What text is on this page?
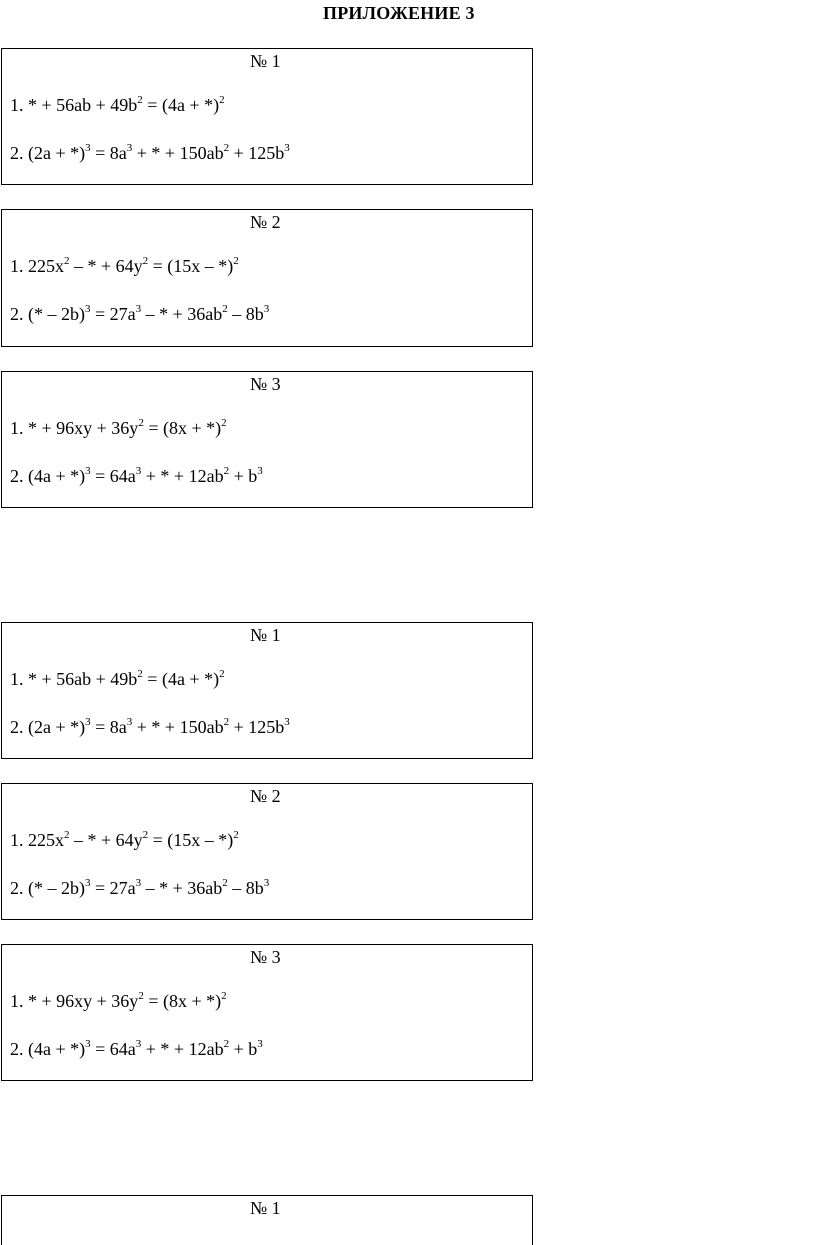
ПРИЛОЖЕНИЕ 3
№ 1
1. * + $56ab + 49b^2 = (4a + *)^2$
2. $(2a + *)^3 = 8a^3$ + * + $150ab^2 + 125b^3$
№ 2
1. $225x^2$ – * + $64y^2 = (15x - *)^2$
2. (* – $2b)^3 = 27a^3$ – * + $36ab^2 - 8b^3$
№ 3
1. * + $96xy + 36y^2 = (8x + *)^2$
2. $(4a + *)^3 = 64a^3$ + * + $12ab^2 + b^3$
№ 1
1. * + $56ab + 49b^2 = (4a + *)^2$
2. $(2a + *)^3 = 8a^3$ + * + $150ab^2 + 125b^3$
№ 2
1. $225x^2$ – * + $64y^2 = (15x - *)^2$
2. (* – $2b)^3 = 27a^3$ – * + $36ab^2 - 8b^3$
№ 3
1. * + $96xy + 36y^2 = (8x + *)^2$
2. $(4a + *)^3 = 64a^3$ + * + $12ab^2 + b^3$
№ 1
